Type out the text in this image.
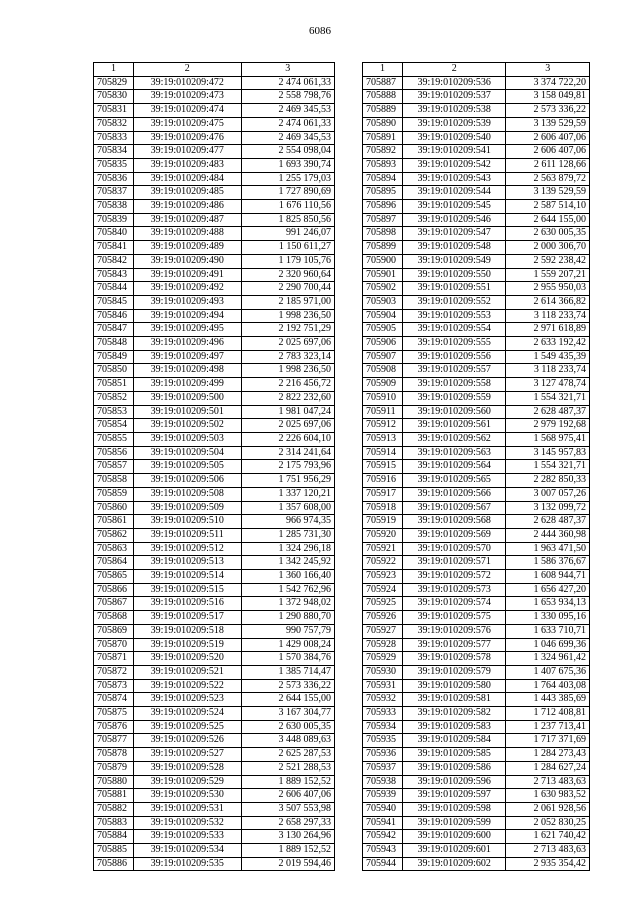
6086
1	2	3
705829	39:19:010209:472	2 474 061,33
705830	39:19:010209:473	2 558 798,76
705831	39:19:010209:474	2 469 345,53
705832	39:19:010209:475	2 474 061,33
705833	39:19:010209:476	2 469 345,53
705834	39:19:010209:477	2 554 098,04
705835	39:19:010209:483	1 693 390,74
705836	39:19:010209:484	1 255 179,03
705837	39:19:010209:485	1 727 890,69
705838	39:19:010209:486	1 676 110,56
705839	39:19:010209:487	1 825 850,56
705840	39:19:010209:488	991 246,07
705841	39:19:010209:489	1 150 611,27
705842	39:19:010209:490	1 179 105,76
705843	39:19:010209:491	2 320 960,64
705844	39:19:010209:492	2 290 700,44
705845	39:19:010209:493	2 185 971,00
705846	39:19:010209:494	1 998 236,50
705847	39:19:010209:495	2 192 751,29
705848	39:19:010209:496	2 025 697,06
705849	39:19:010209:497	2 783 323,14
705850	39:19:010209:498	1 998 236,50
705851	39:19:010209:499	2 216 456,72
705852	39:19:010209:500	2 822 232,60
705853	39:19:010209:501	1 981 047,24
705854	39:19:010209:502	2 025 697,06
705855	39:19:010209:503	2 226 604,10
705856	39:19:010209:504	2 314 241,64
705857	39:19:010209:505	2 175 793,96
705858	39:19:010209:506	1 751 956,29
705859	39:19:010209:508	1 337 120,21
705860	39:19:010209:509	1 357 608,00
705861	39:19:010209:510	966 974,35
705862	39:19:010209:511	1 285 731,30
705863	39:19:010209:512	1 324 296,18
705864	39:19:010209:513	1 342 245,92
705865	39:19:010209:514	1 360 166,40
705866	39:19:010209:515	1 542 762,96
705867	39:19:010209:516	1 372 948,02
705868	39:19:010209:517	1 290 880,70
705869	39:19:010209:518	990 757,79
705870	39:19:010209:519	1 429 008,24
705871	39:19:010209:520	1 570 384,76
705872	39:19:010209:521	1 385 714,47
705873	39:19:010209:522	2 573 336,22
705874	39:19:010209:523	2 644 155,00
705875	39:19:010209:524	3 167 304,77
705876	39:19:010209:525	2 630 005,35
705877	39:19:010209:526	3 448 089,63
705878	39:19:010209:527	2 625 287,53
705879	39:19:010209:528	2 521 288,53
705880	39:19:010209:529	1 889 152,52
705881	39:19:010209:530	2 606 407,06
705882	39:19:010209:531	3 507 553,98
705883	39:19:010209:532	2 658 297,33
705884	39:19:010209:533	3 130 264,96
705885	39:19:010209:534	1 889 152,52
705886	39:19:010209:535	2 019 594,46
1	2	3
705887	39:19:010209:536	3 374 722,20
705888	39:19:010209:537	3 158 049,81
705889	39:19:010209:538	2 573 336,22
705890	39:19:010209:539	3 139 529,59
705891	39:19:010209:540	2 606 407,06
705892	39:19:010209:541	2 606 407,06
705893	39:19:010209:542	2 611 128,66
705894	39:19:010209:543	2 563 879,72
705895	39:19:010209:544	3 139 529,59
705896	39:19:010209:545	2 587 514,10
705897	39:19:010209:546	2 644 155,00
705898	39:19:010209:547	2 630 005,35
705899	39:19:010209:548	2 000 306,70
705900	39:19:010209:549	2 592 238,42
705901	39:19:010209:550	1 559 207,21
705902	39:19:010209:551	2 955 950,03
705903	39:19:010209:552	2 614 366,82
705904	39:19:010209:553	3 118 233,74
705905	39:19:010209:554	2 971 618,89
705906	39:19:010209:555	2 633 192,42
705907	39:19:010209:556	1 549 435,39
705908	39:19:010209:557	3 118 233,74
705909	39:19:010209:558	3 127 478,74
705910	39:19:010209:559	1 554 321,71
705911	39:19:010209:560	2 628 487,37
705912	39:19:010209:561	2 979 192,68
705913	39:19:010209:562	1 568 975,41
705914	39:19:010209:563	3 145 957,83
705915	39:19:010209:564	1 554 321,71
705916	39:19:010209:565	2 282 850,33
705917	39:19:010209:566	3 007 057,26
705918	39:19:010209:567	3 132 099,72
705919	39:19:010209:568	2 628 487,37
705920	39:19:010209:569	2 444 360,98
705921	39:19:010209:570	1 963 471,50
705922	39:19:010209:571	1 586 376,67
705923	39:19:010209:572	1 608 944,71
705924	39:19:010209:573	1 656 427,20
705925	39:19:010209:574	1 653 934,13
705926	39:19:010209:575	1 330 095,16
705927	39:19:010209:576	1 633 710,71
705928	39:19:010209:577	1 046 699,36
705929	39:19:010209:578	1 324 961,42
705930	39:19:010209:579	1 407 675,36
705931	39:19:010209:580	1 764 403,08
705932	39:19:010209:581	1 443 385,69
705933	39:19:010209:582	1 712 408,81
705934	39:19:010209:583	1 237 713,41
705935	39:19:010209:584	1 717 371,69
705936	39:19:010209:585	1 284 273,43
705937	39:19:010209:586	1 284 627,24
705938	39:19:010209:596	2 713 483,63
705939	39:19:010209:597	1 630 983,52
705940	39:19:010209:598	2 061 928,56
705941	39:19:010209:599	2 052 830,25
705942	39:19:010209:600	1 621 740,42
705943	39:19:010209:601	2 713 483,63
705944	39:19:010209:602	2 935 354,42
